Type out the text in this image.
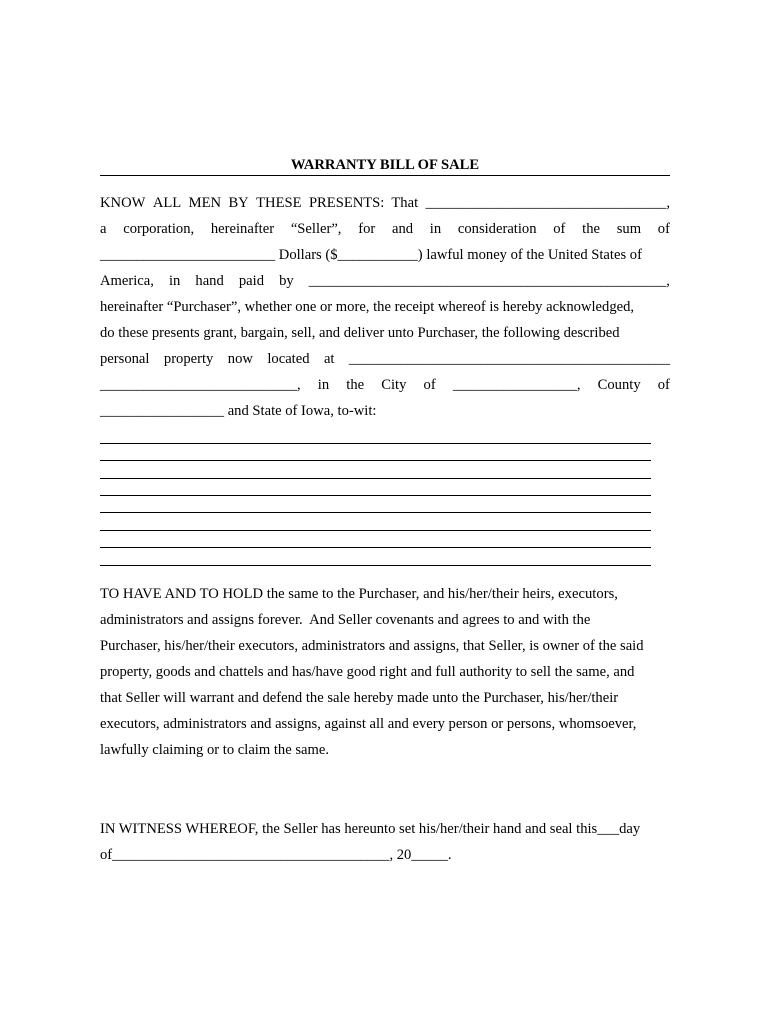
WARRANTY BILL OF SALE
KNOW ALL MEN BY THESE PRESENTS:  That _________________________________,
a corporation, hereinafter “Seller”, for and in consideration of the sum of
________________________ Dollars ($___________) lawful money of the United States of
America, in hand paid by _________________________________________________,
hereinafter “Purchaser”, whether one or more, the receipt whereof is hereby acknowledged,
do these presents grant, bargain, sell, and deliver unto Purchaser, the following described
personal property now located at ____________________________________________
___________________________, in the City of _________________, County of
_________________ and State of Iowa, to-wit:
TO HAVE AND TO HOLD the same to the Purchaser, and his/her/their heirs, executors,
administrators and assigns forever.  And Seller covenants and agrees to and with the
Purchaser, his/her/their executors, administrators and assigns, that Seller, is owner of the said
property, goods and chattels and has/have good right and full authority to sell the same, and
that Seller will warrant and defend the sale hereby made unto the Purchaser, his/her/their
executors, administrators and assigns, against all and every person or persons, whomsoever,
lawfully claiming or to claim the same.
IN WITNESS WHEREOF, the Seller has hereunto set his/her/their hand and seal this___day
of______________________________________, 20_____.
